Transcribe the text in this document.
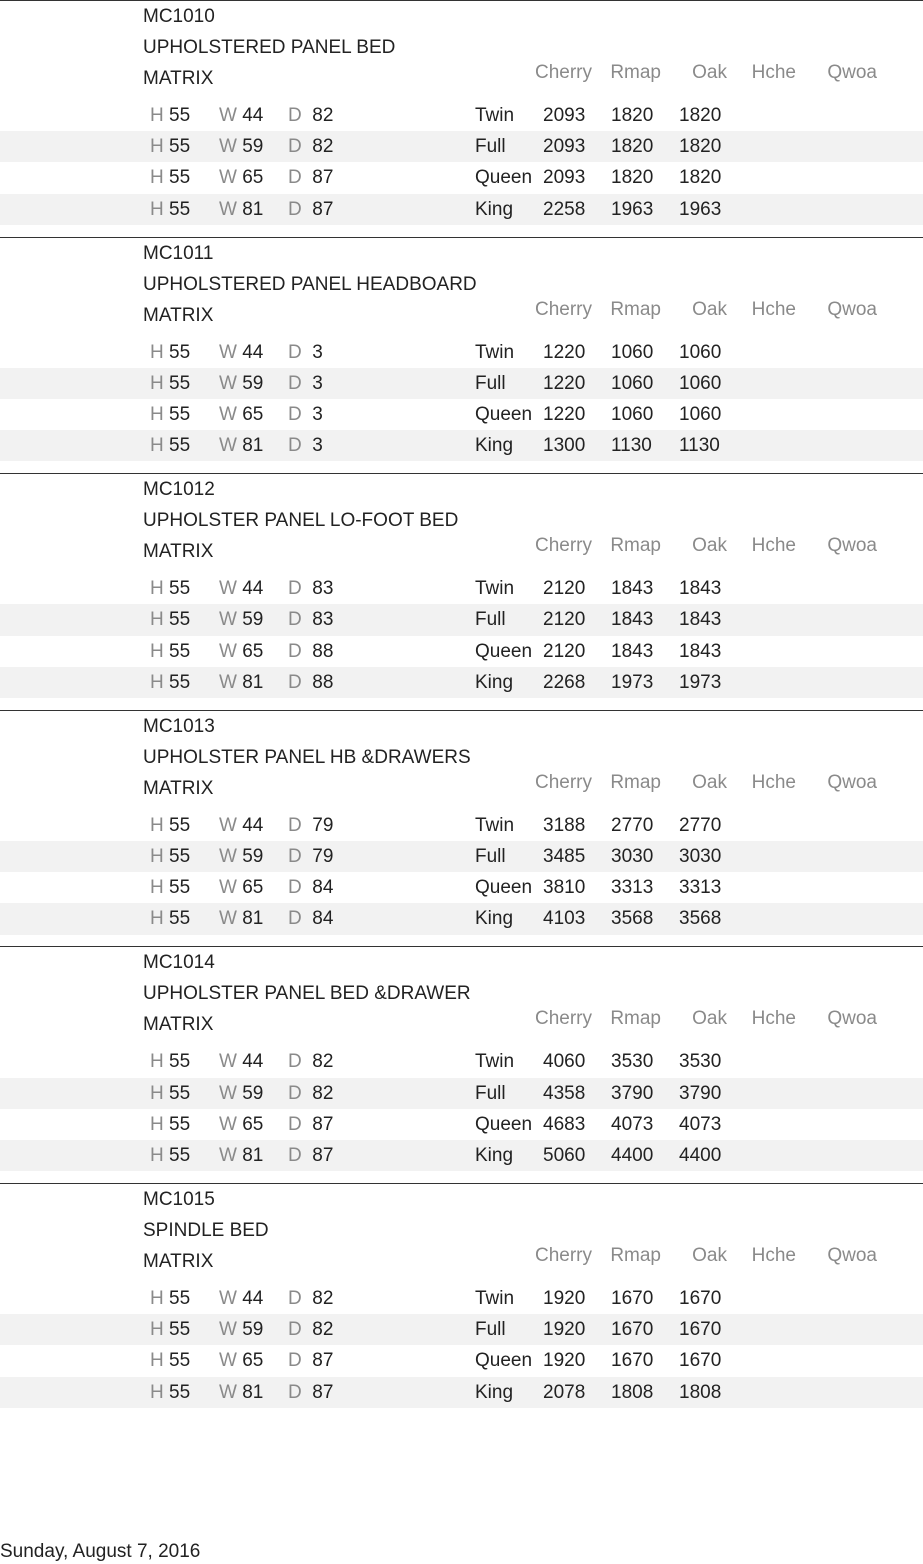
MC1010
UPHOLSTERED PANEL BED
MATRIX	Cherry Rmap Oak Hche Qwoa
H 55 W 44 D 82	Twin 2093 1820 1820
H 55 W 59 D 82	Full 2093 1820 1820
H 55 W 65 D 87	Queen 2093 1820 1820
H 55 W 81 D 87	King 2258 1963 1963
MC1011
UPHOLSTERED PANEL HEADBOARD
MATRIX	Cherry Rmap Oak Hche Qwoa
H 55 W 44 D 3	Twin 1220 1060 1060
H 55 W 59 D 3	Full 1220 1060 1060
H 55 W 65 D 3	Queen 1220 1060 1060
H 55 W 81 D 3	King 1300 1130 1130
MC1012
UPHOLSTER PANEL LO-FOOT BED
MATRIX	Cherry Rmap Oak Hche Qwoa
H 55 W 44 D 83	Twin 2120 1843 1843
H 55 W 59 D 83	Full 2120 1843 1843
H 55 W 65 D 88	Queen 2120 1843 1843
H 55 W 81 D 88	King 2268 1973 1973
MC1013
UPHOLSTER PANEL HB &DRAWERS
MATRIX	Cherry Rmap Oak Hche Qwoa
H 55 W 44 D 79	Twin 3188 2770 2770
H 55 W 59 D 79	Full 3485 3030 3030
H 55 W 65 D 84	Queen 3810 3313 3313
H 55 W 81 D 84	King 4103 3568 3568
MC1014
UPHOLSTER PANEL BED &DRAWER
MATRIX	Cherry Rmap Oak Hche Qwoa
H 55 W 44 D 82	Twin 4060 3530 3530
H 55 W 59 D 82	Full 4358 3790 3790
H 55 W 65 D 87	Queen 4683 4073 4073
H 55 W 81 D 87	King 5060 4400 4400
MC1015
SPINDLE BED
MATRIX	Cherry Rmap Oak Hche Qwoa
H 55 W 44 D 82	Twin 1920 1670 1670
H 55 W 59 D 82	Full 1920 1670 1670
H 55 W 65 D 87	Queen 1920 1670 1670
H 55 W 81 D 87	King 2078 1808 1808
Sunday, August 7, 2016
